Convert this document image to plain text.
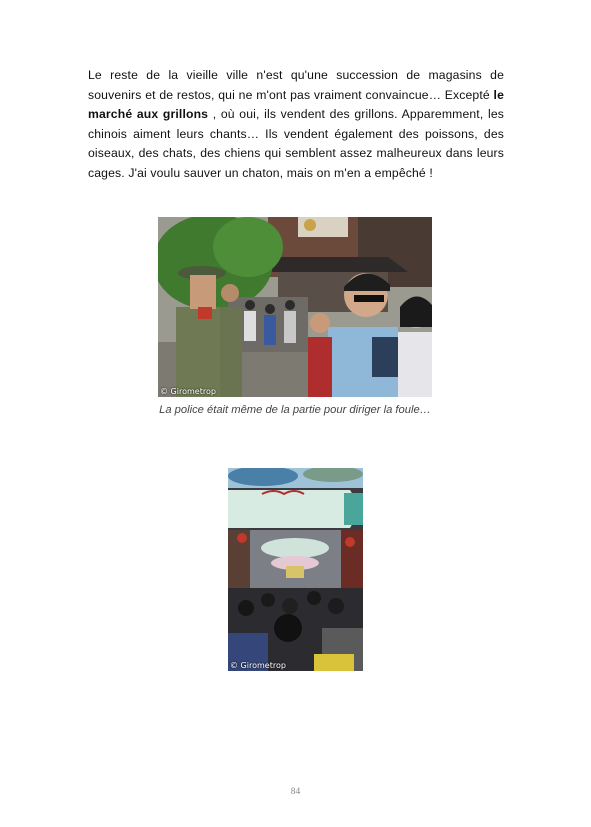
Le reste de la vieille ville n'est qu'une succession de magasins de souvenirs et de restos, qui ne m'ont pas vraiment convaincue… Excepté le marché aux grillons , où oui, ils vendent des grillons. Apparemment, les chinois aiment leurs chants… Ils vendent également des poissons, des oiseaux, des chats, des chiens qui semblent assez malheureux dans leurs cages. J'ai voulu sauver un chaton, mais on m'en a empêché !

© Girometrop

La police était même de la partie pour diriger la foule…

© Girometrop
84
